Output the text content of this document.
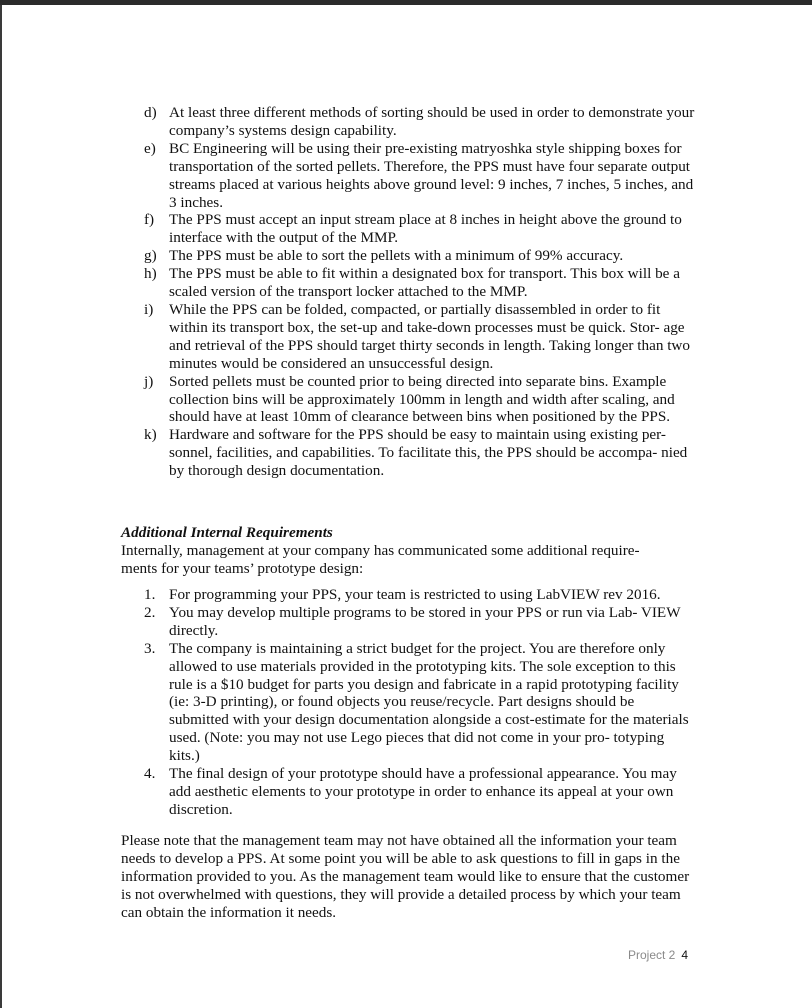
d) At least three different methods of sorting should be used in order to demonstrate your company’s systems design capability.
e) BC Engineering will be using their pre-existing matryoshka style shipping boxes for transportation of the sorted pellets. Therefore, the PPS must have four separate output streams placed at various heights above ground level: 9 inches, 7 inches, 5 inches, and 3 inches.
f) The PPS must accept an input stream place at 8 inches in height above the ground to interface with the output of the MMP.
g) The PPS must be able to sort the pellets with a minimum of 99% accuracy.
h) The PPS must be able to fit within a designated box for transport. This box will be a scaled version of the transport locker attached to the MMP.
i) While the PPS can be folded, compacted, or partially disassembled in order to fit within its transport box, the set-up and take-down processes must be quick. Stor- age and retrieval of the PPS should target thirty seconds in length. Taking longer than two minutes would be considered an unsuccessful design.
j) Sorted pellets must be counted prior to being directed into separate bins. Example collection bins will be approximately 100mm in length and width after scaling, and should have at least 10mm of clearance between bins when positioned by the PPS.
k) Hardware and software for the PPS should be easy to maintain using existing per- sonnel, facilities, and capabilities. To facilitate this, the PPS should be accompa- nied by thorough design documentation.
Additional Internal Requirements

Internally, management at your company has communicated some additional require- ments for your teams’ prototype design:

1. For programming your PPS, your team is restricted to using LabVIEW rev 2016.
2. You may develop multiple programs to be stored in your PPS or run via Lab- VIEW directly.
3. The company is maintaining a strict budget for the project. You are therefore only allowed to use materials provided in the prototyping kits. The sole exception to this rule is a $10 budget for parts you design and fabricate in a rapid prototyping facility (ie: 3-D printing), or found objects you reuse/recycle. Part designs should be submitted with your design documentation alongside a cost-estimate for the materials used. (Note: you may not use Lego pieces that did not come in your pro- totyping kits.)
4. The final design of your prototype should have a professional appearance. You may add aesthetic elements to your prototype in order to enhance its appeal at your own discretion.

Please note that the management team may not have obtained all the information your team needs to develop a PPS. At some point you will be able to ask questions to fill in gaps in the information provided to you. As the management team would like to ensure that the customer is not overwhelmed with questions, they will provide a detailed process by which your team can obtain the information it needs.

Project 2 4
